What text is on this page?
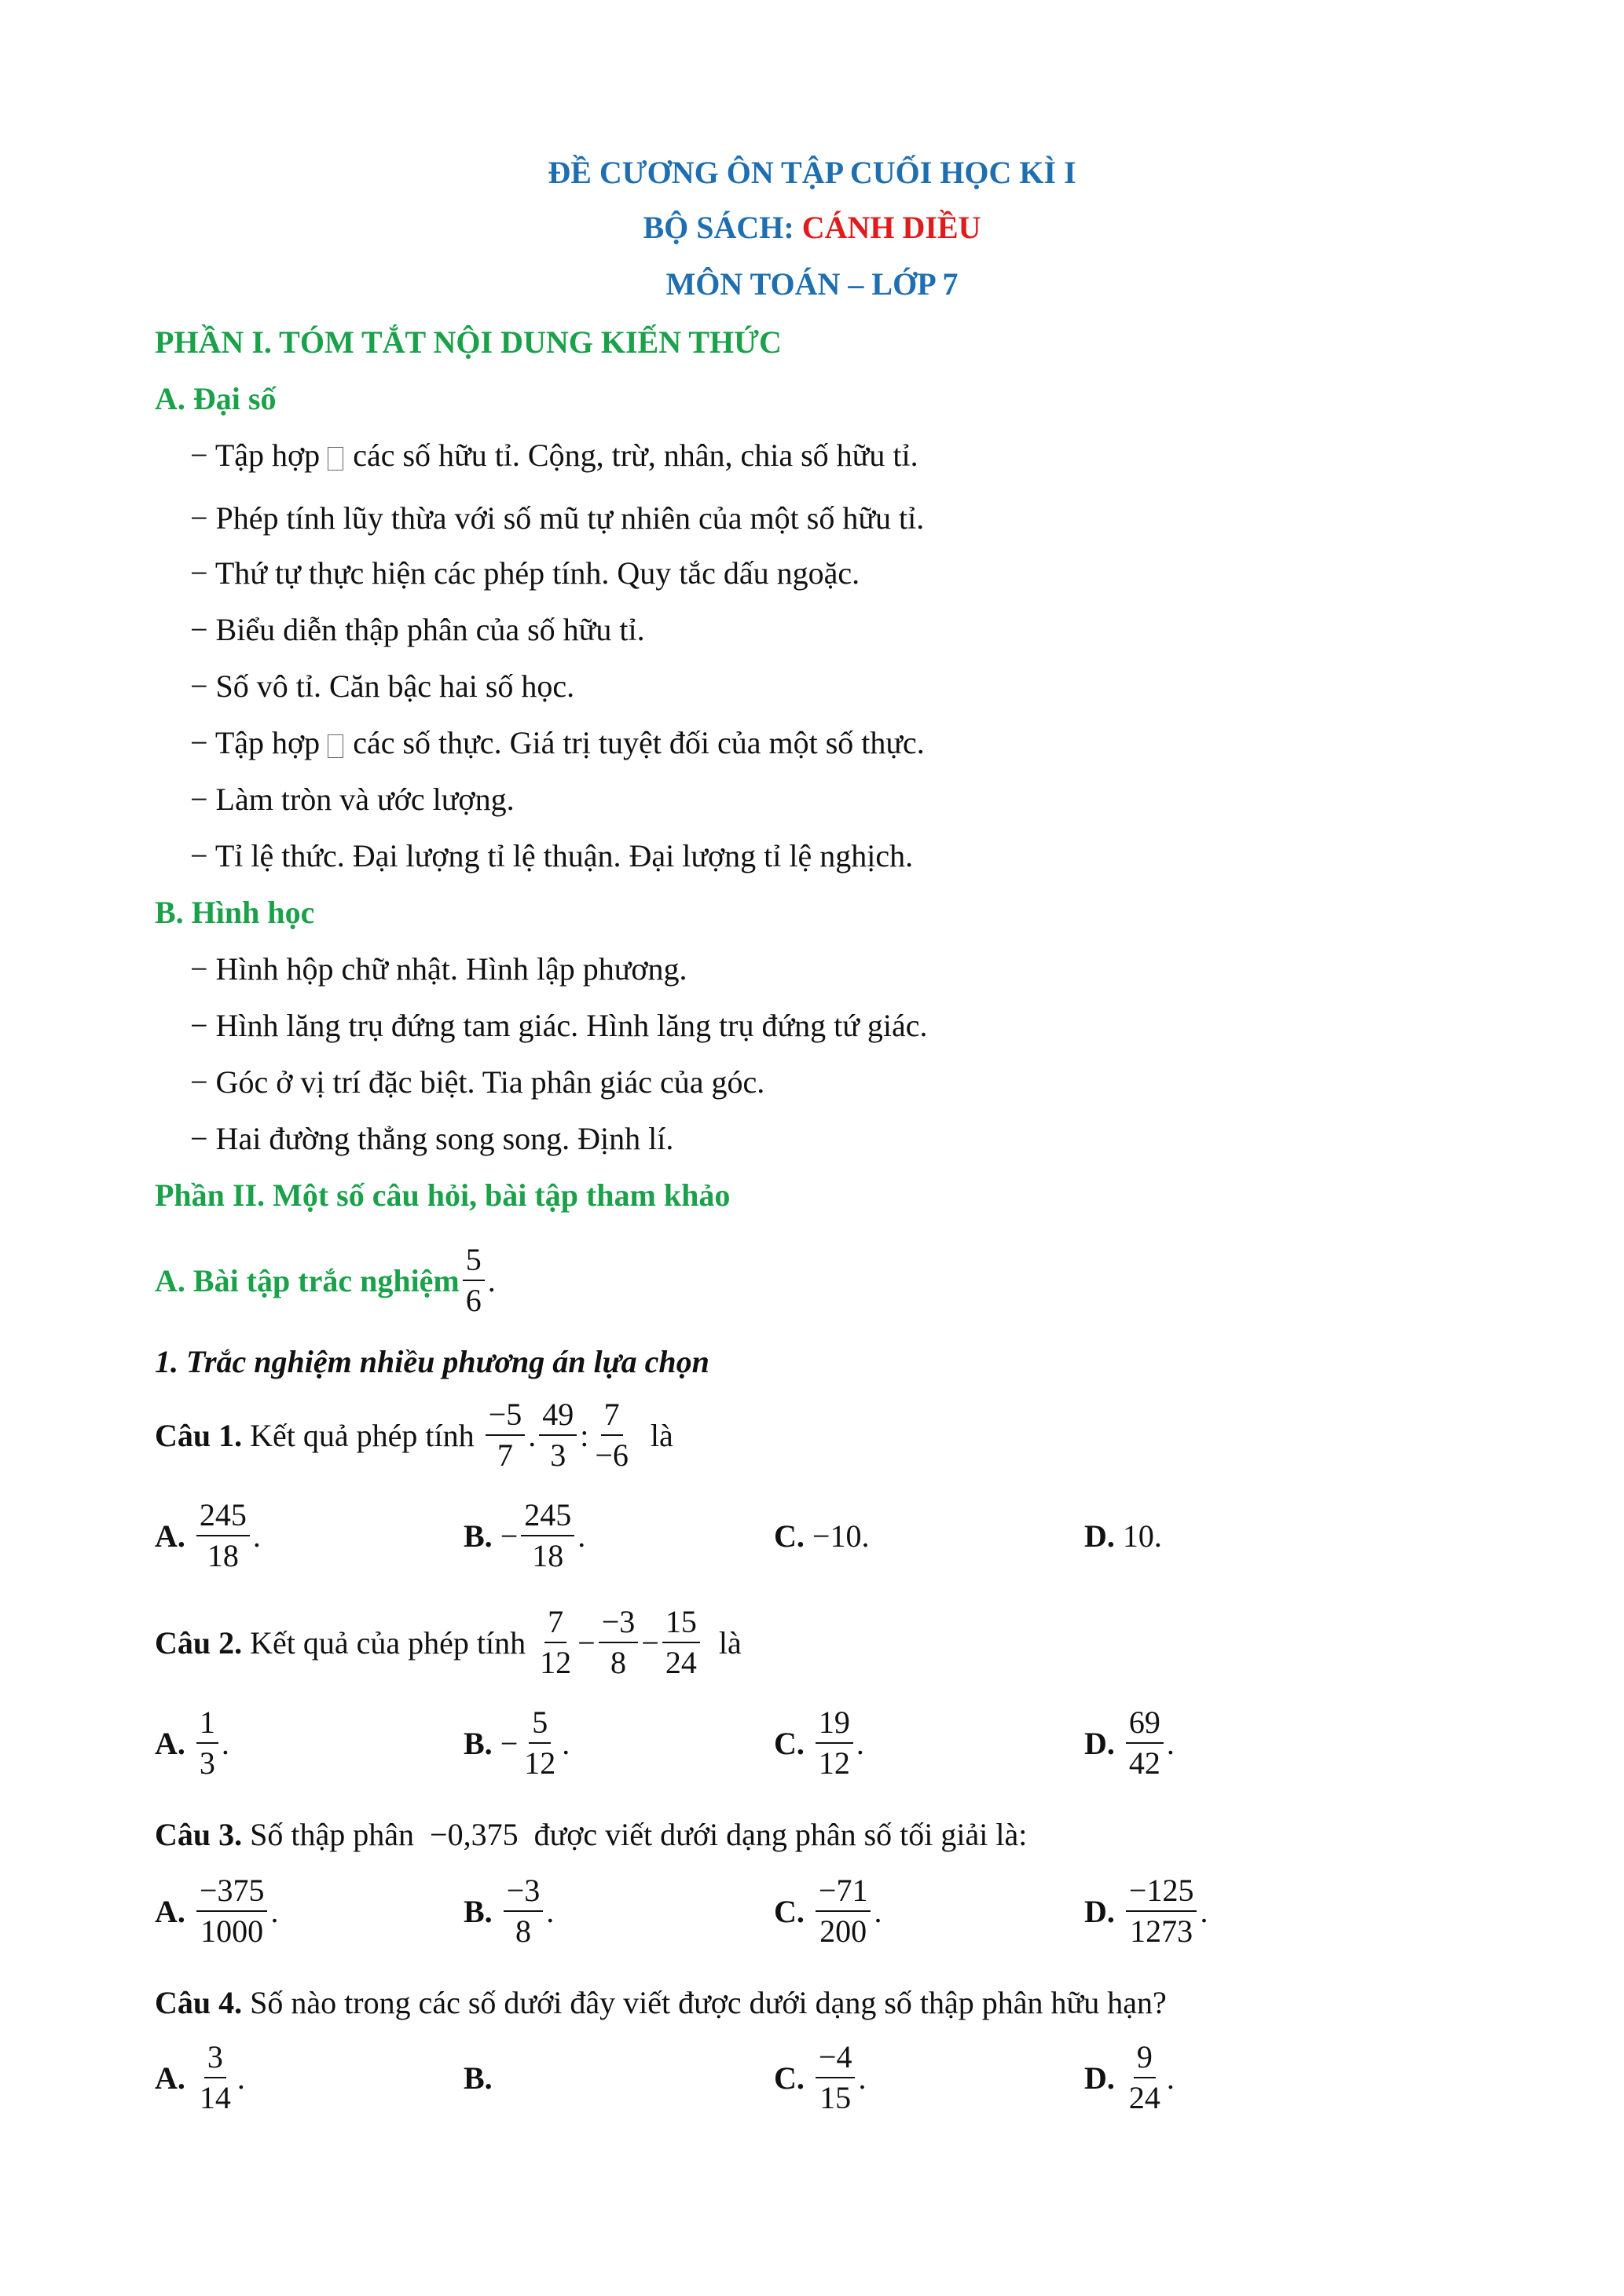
ĐỀ CƯƠNG ÔN TẬP CUỐI HỌC KÌ I
BỘ SÁCH: CÁNH DIỀU
MÔN TOÁN – LỚP 7
PHẦN I. TÓM TẮT NỘI DUNG KIẾN THỨC
A. Đại số
− Tập hợp các số hữu tỉ. Cộng, trừ, nhân, chia số hữu tỉ.
− Phép tính lũy thừa với số mũ tự nhiên của một số hữu tỉ.
− Thứ tự thực hiện các phép tính. Quy tắc dấu ngoặc.
− Biểu diễn thập phân của số hữu tỉ.
− Số vô tỉ. Căn bậc hai số học.
− Tập hợp các số thực. Giá trị tuyệt đối của một số thực.
− Làm tròn và ước lượng.
− Tỉ lệ thức. Đại lượng tỉ lệ thuận. Đại lượng tỉ lệ nghịch.
B. Hình học
− Hình hộp chữ nhật. Hình lập phương.
− Hình lăng trụ đứng tam giác. Hình lăng trụ đứng tứ giác.
− Góc ở vị trí đặc biệt. Tia phân giác của góc.
− Hai đường thẳng song song. Định lí.
Phần II. Một số câu hỏi, bài tập tham khảo
A. Bài tập trắc nghiệm $\frac{5}{6}$ .
1. Trắc nghiệm nhiều phương án lựa chọn
Câu 1.
Kết quả phép tính
$\frac{-5}{7}$ . $\frac{49}{3}$ : $\frac{7}{-6}$
là
A. $\frac{245}{18}$ .	B. − $\frac{245}{18}$ .	C. −10.	D. 10.
Câu 2.
Kết quả của phép tính
$\frac{7}{12} - \frac{-3}{8} - \frac{15}{24}$
là
A. $\frac{1}{3}$ .	B. − $\frac{5}{12}$ .	C. $\frac{19}{12}$ .	D. $\frac{69}{42}$ .
Câu 3.
Số thập phân  −0,375  được viết dưới dạng phân số tối giải là:
A. $\frac{-375}{1000}$ .	B. $\frac{-3}{8}$ .	C. $\frac{-71}{200}$ .	D. $\frac{-125}{1273}$ .
Câu 4.
Số nào trong các số dưới đây viết được dưới dạng số thập phân hữu hạn?
A. $\frac{3}{14}$ .	B.	C. $\frac{-4}{15}$ .	D. $\frac{9}{24}$ .
